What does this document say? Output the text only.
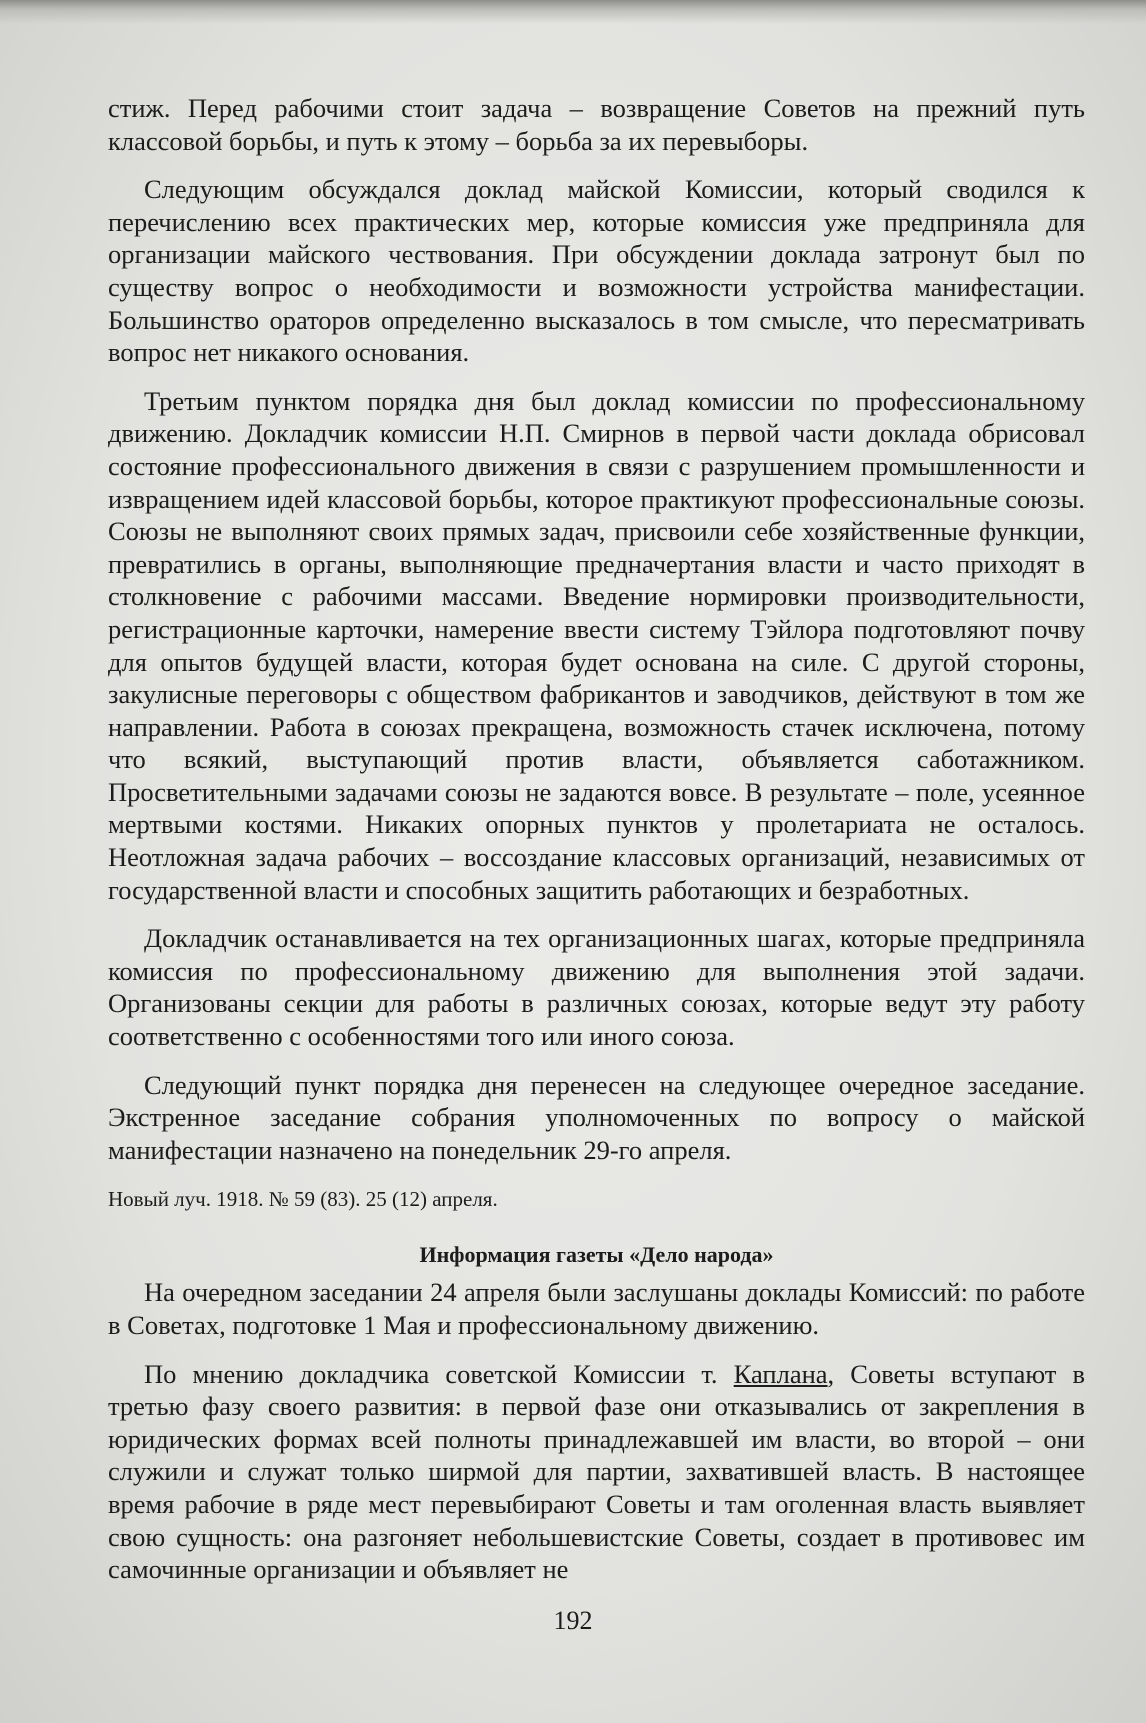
стиж. Перед рабочими стоит задача – возвращение Советов на прежний путь классовой борьбы, и путь к этому – борьба за их перевыборы.

Следующим обсуждался доклад майской Комиссии, который сводился к перечислению всех практических мер, которые комиссия уже предприняла для организации майского чествования. При обсуждении доклада затронут был по существу вопрос о необходимости и возможности устройства манифестации. Большинство ораторов определенно высказалось в том смысле, что пересматривать вопрос нет никакого основания.

Третьим пунктом порядка дня был доклад комиссии по профессиональному движению. Докладчик комиссии Н.П. Смирнов в первой части доклада обрисовал состояние профессионального движения в связи с разрушением промышленности и извращением идей классовой борьбы, которое практикуют профессиональные союзы. Союзы не выполняют своих прямых задач, присвоили себе хозяйственные функции, превратились в органы, выполняющие предначертания власти и часто приходят в столкновение с рабочими массами. Введение нормировки производительности, регистрационные карточки, намерение ввести систему Тэйлора подготовляют почву для опытов будущей власти, которая будет основана на силе. С другой стороны, закулисные переговоры с обществом фабрикантов и заводчиков, действуют в том же направлении. Работа в союзах прекращена, возможность стачек исключена, потому что всякий, выступающий против власти, объявляется саботажником. Просветительными задачами союзы не задаются вовсе. В результате – поле, усеянное мертвыми костями. Никаких опорных пунктов у пролетариата не осталось. Неотложная задача рабочих – воссоздание классовых организаций, независимых от государственной власти и способных защитить работающих и безработных.

Докладчик останавливается на тех организационных шагах, которые предприняла комиссия по профессиональному движению для выполнения этой задачи. Организованы секции для работы в различных союзах, которые ведут эту работу соответственно с особенностями того или иного союза.

Следующий пункт порядка дня перенесен на следующее очередное заседание. Экстренное заседание собрания уполномоченных по вопросу о майской манифестации назначено на понедельник 29-го апреля.

Новый луч. 1918. № 59 (83). 25 (12) апреля.

Информация газеты «Дело народа»

На очередном заседании 24 апреля были заслушаны доклады Комиссий: по работе в Советах, подготовке 1 Мая и профессиональному движению.

По мнению докладчика советской Комиссии т. Каплана, Советы вступают в третью фазу своего развития: в первой фазе они отказывались от закрепления в юридических формах всей полноты принадлежавшей им власти, во второй – они служили и служат только ширмой для партии, захватившей власть. В настоящее время рабочие в ряде мест перевыбирают Советы и там оголенная власть выявляет свою сущность: она разгоняет небольшевистские Советы, создает в противовес им самочинные организации и объявляет не

192
